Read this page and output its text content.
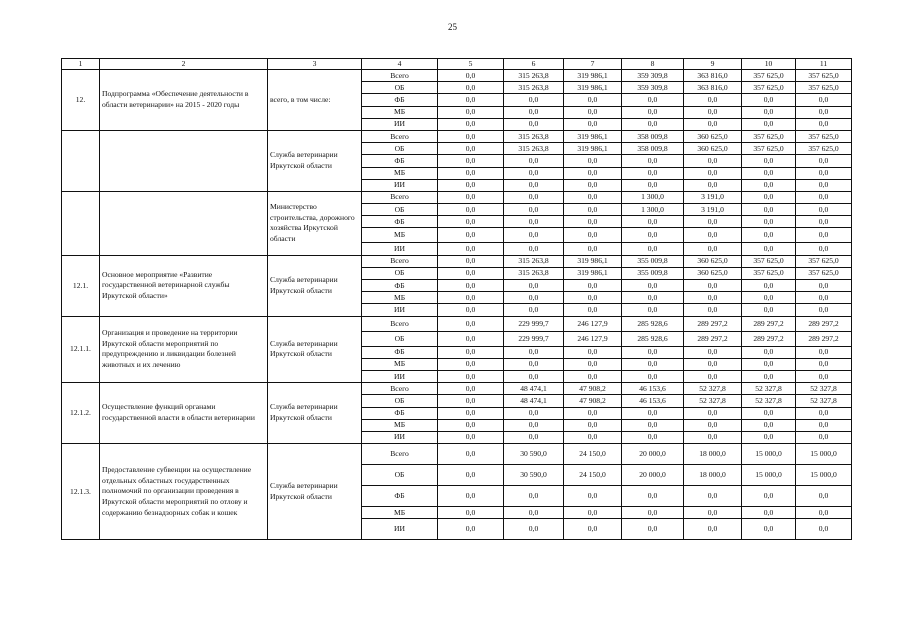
25
1	2	3	4	5	6	7	8	9	10	11
12.	Подпрограмма «Обеспечение деятельности в области ветеринарии» на 2015 - 2020 годы	всего, в том числе:	Всего	0,0	315 263,8	319 986,1	359 309,8	363 816,0	357 625,0	357 625,0
			ОБ	0,0	315 263,8	319 986,1	359 309,8	363 816,0	357 625,0	357 625,0
			ФБ	0,0	0,0	0,0	0,0	0,0	0,0	0,0
			МБ	0,0	0,0	0,0	0,0	0,0	0,0	0,0
			ИИ	0,0	0,0	0,0	0,0	0,0	0,0	0,0
		Служба ветеринарии Иркутской области	Всего	0,0	315 263,8	319 986,1	358 009,8	360 625,0	357 625,0	357 625,0
			ОБ	0,0	315 263,8	319 986,1	358 009,8	360 625,0	357 625,0	357 625,0
			ФБ	0,0	0,0	0,0	0,0	0,0	0,0	0,0
			МБ	0,0	0,0	0,0	0,0	0,0	0,0	0,0
			ИИ	0,0	0,0	0,0	0,0	0,0	0,0	0,0
		Министерство строительства, дорожного хозяйства Иркутской области	Всего	0,0	0,0	0,0	1 300,0	3 191,0	0,0	0,0
			ОБ	0,0	0,0	0,0	1 300,0	3 191,0	0,0	0,0
			ФБ	0,0	0,0	0,0	0,0	0,0	0,0	0,0
			МБ	0,0	0,0	0,0	0,0	0,0	0,0	0,0
			ИИ	0,0	0,0	0,0	0,0	0,0	0,0	0,0
12.1.	Основное мероприятие «Развитие государственной ветеринарной службы Иркутской области»	Служба ветеринарии Иркутской области	Всего	0,0	315 263,8	319 986,1	355 009,8	360 625,0	357 625,0	357 625,0
			ОБ	0,0	315 263,8	319 986,1	355 009,8	360 625,0	357 625,0	357 625,0
			ФБ	0,0	0,0	0,0	0,0	0,0	0,0	0,0
			МБ	0,0	0,0	0,0	0,0	0,0	0,0	0,0
			ИИ	0,0	0,0	0,0	0,0	0,0	0,0	0,0
12.1.1.	Организация и проведение на территории Иркутской области мероприятий по предупреждению и ликвидации болезней животных и их лечению	Служба ветеринарии Иркутской области	Всего	0,0	229 999,7	246 127,9	285 928,6	289 297,2	289 297,2	289 297,2
			ОБ	0,0	229 999,7	246 127,9	285 928,6	289 297,2	289 297,2	289 297,2
			ФБ	0,0	0,0	0,0	0,0	0,0	0,0	0,0
			МБ	0,0	0,0	0,0	0,0	0,0	0,0	0,0
			ИИ	0,0	0,0	0,0	0,0	0,0	0,0	0,0
12.1.2.	Осуществление функций органами государственной власти в области ветеринарии	Служба ветеринарии Иркутской области	Всего	0,0	48 474,1	47 908,2	46 153,6	52 327,8	52 327,8	52 327,8
			ОБ	0,0	48 474,1	47 908,2	46 153,6	52 327,8	52 327,8	52 327,8
			ФБ	0,0	0,0	0,0	0,0	0,0	0,0	0,0
			МБ	0,0	0,0	0,0	0,0	0,0	0,0	0,0
			ИИ	0,0	0,0	0,0	0,0	0,0	0,0	0,0
12.1.3.	Предоставление субвенции на осуществление отдельных областных государственных полномочий по организации проведения в Иркутской области мероприятий по отлову и содержанию безнадзорных собак и кошек	Служба ветеринарии Иркутской области	Всего	0,0	30 590,0	24 150,0	20 000,0	18 000,0	15 000,0	15 000,0
			ОБ	0,0	30 590,0	24 150,0	20 000,0	18 000,0	15 000,0	15 000,0
			ФБ	0,0	0,0	0,0	0,0	0,0	0,0	0,0
			МБ	0,0	0,0	0,0	0,0	0,0	0,0	0,0
			ИИ	0,0	0,0	0,0	0,0	0,0	0,0	0,0
